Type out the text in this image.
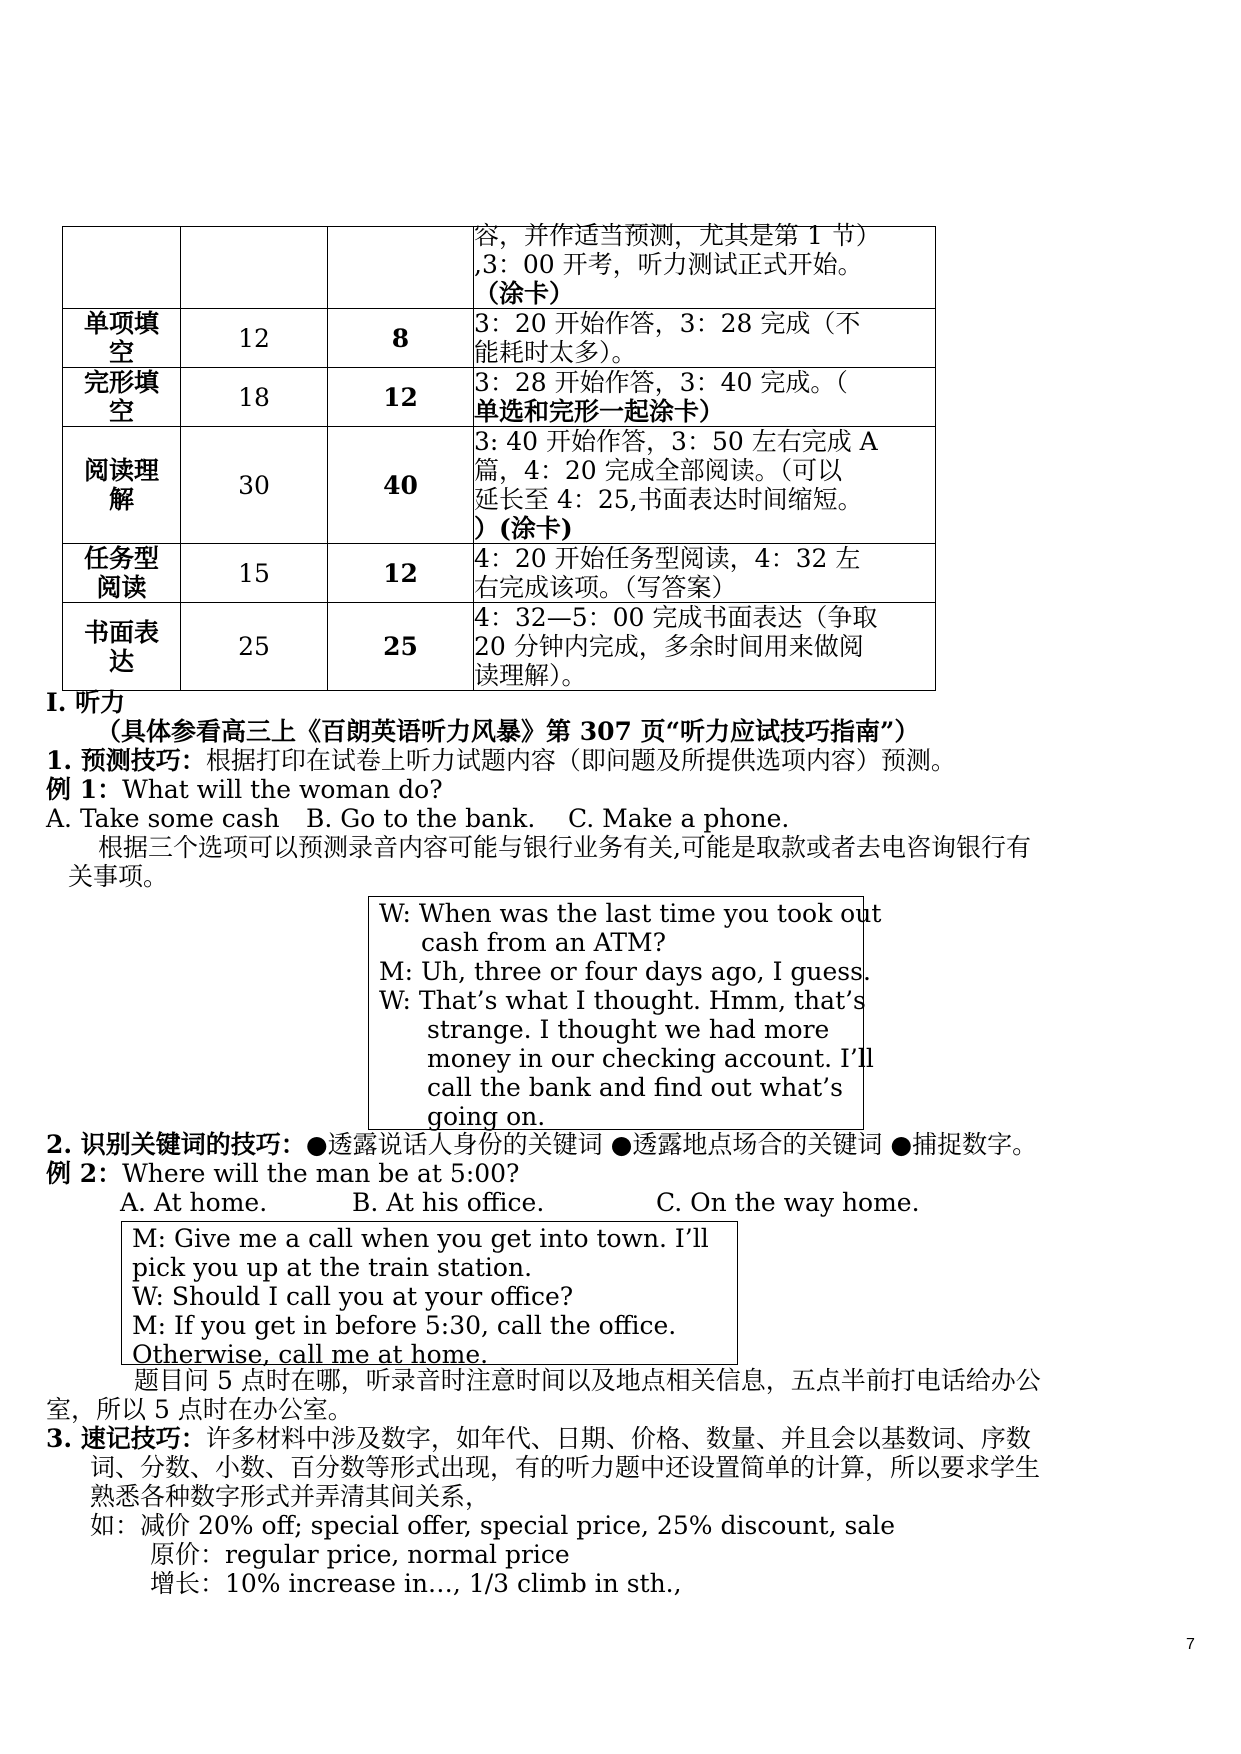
			容，并作适当预测，尤其是第 1 节）
,3：00 开考，听力测试正式开始。
（涂卡）

单项填空	12	8	3：20 开始作答，3：28 完成（不
能耗时太多）。

完形填空	18	12	3：28 开始作答，3：40 完成。（
单选和完形一起涂卡）

阅读理解	30	40	3: 40 开始作答，3：50 左右完成 A
篇，4：20 完成全部阅读。（可以
延长至 4：25,书面表达时间缩短。
）(涂卡)

任务型阅读	15	12	4：20 开始任务型阅读，4：32 左
右完成该项。（写答案）

书面表达	25	25	4：32—5：00 完成书面表达（争取
20 分钟内完成，多余时间用来做阅
读理解）。
I. 听力
（具体参看高三上《百朗英语听力风暴》第 307 页“听力应试技巧指南”）
1. 预测技巧：根据打印在试卷上听力试题内容（即问题及所提供选项内容）预测。
例 1：What will the woman do?
A. Take some cash B. Go to the bank. C. Make a phone.
根据三个选项可以预测录音内容可能与银行业务有关,可能是取款或者去电咨询银行有
关事项。
W: When was the last time you took out
cash from an ATM?
M: Uh, three or four days ago, I guess.
W: That’s what I thought. Hmm, that’s
strange. I thought we had more
money in our checking account. I’ll
call the bank and find out what’s
going on.
2. 识别关键词的技巧：●透露说话人身份的关键词 ●透露地点场合的关键词 ●捕捉数字。
例 2：Where will the man be at 5:00?
A. At home.	B. At his office.	C. On the way home.
M: Give me a call when you get into town. I’ll
pick you up at the train station.
W: Should I call you at your office?
M: If you get in before 5:30, call the office.
Otherwise, call me at home.
题目问 5 点时在哪，听录音时注意时间以及地点相关信息，五点半前打电话给办公
室，所以 5 点时在办公室。
3. 速记技巧：许多材料中涉及数字，如年代、日期、价格、数量、并且会以基数词、序数
词、分数、小数、百分数等形式出现，有的听力题中还设置简单的计算，所以要求学生
熟悉各种数字形式并弄清其间关系，
如：减价 20% off; special offer, special price, 25% discount, sale
原价：regular price, normal price
增长：10% increase in…, 1/3 climb in sth.,
7
